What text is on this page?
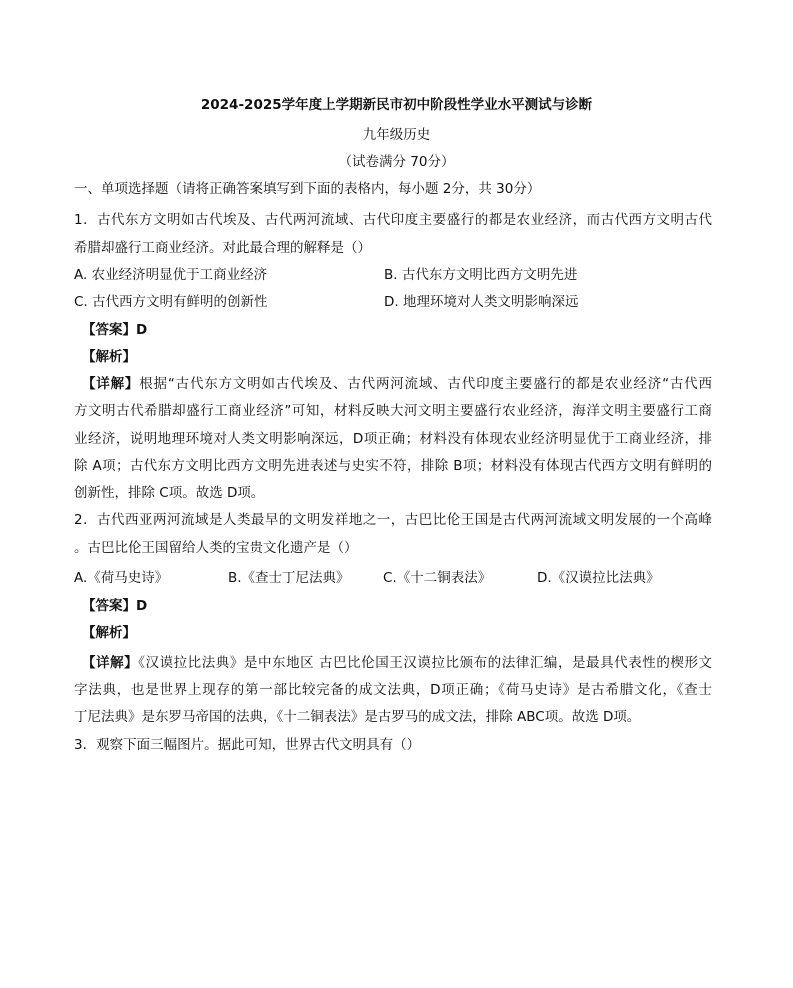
2024-2025学年度上学期新民市初中阶段性学业水平测试与诊断
九年级历史
（试卷满分 70分）
一、单项选择题（请将正确答案填写到下面的表格内，每小题 2分，共 30分）
1．古代东方文明如古代埃及、古代两河流域、古代印度主要盛行的都是农业经济，而古代西方文明古代
希腊却盛行工商业经济。对此最合理的解释是（）
A. 农业经济明显优于工商业经济	B. 古代东方文明比西方文明先进
C. 古代西方文明有鲜明的创新性	D. 地理环境对人类文明影响深远
【答案】D
【解析】
【详解】根据“古代东方文明如古代埃及、古代两河流域、古代印度主要盛行的都是农业经济“古代西
方文明古代希腊却盛行工商业经济”可知，材料反映大河文明主要盛行农业经济，海洋文明主要盛行工商
业经济，说明地理环境对人类文明影响深远，D项正确；材料没有体现农业经济明显优于工商业经济，排
除 A项；古代东方文明比西方文明先进表述与史实不符，排除 B项；材料没有体现古代西方文明有鲜明的
创新性，排除 C项。故选 D项。
2．古代西亚两河流域是人类最早的文明发祥地之一，古巴比伦王国是古代两河流域文明发展的一个高峰
。古巴比伦王国留给人类的宝贵文化遗产是（）
A.《荷马史诗》	B.《查士丁尼法典》 C.《十二铜表法》	D.《汉谟拉比法典》
【答案】D
【解析】
【详解】《汉谟拉比法典》是中东地区 古巴比伦国王汉谟拉比颁布的法律汇编，是最具代表性的楔形文
字法典，也是世界上现存的第一部比较完备的成文法典，D项正确；《荷马史诗》是古希腊文化，《查士
丁尼法典》是东罗马帝国的法典，《十二铜表法》是古罗马的成文法，排除 ABC项。故选 D项。
3．观察下面三幅图片。据此可知，世界古代文明具有（）
